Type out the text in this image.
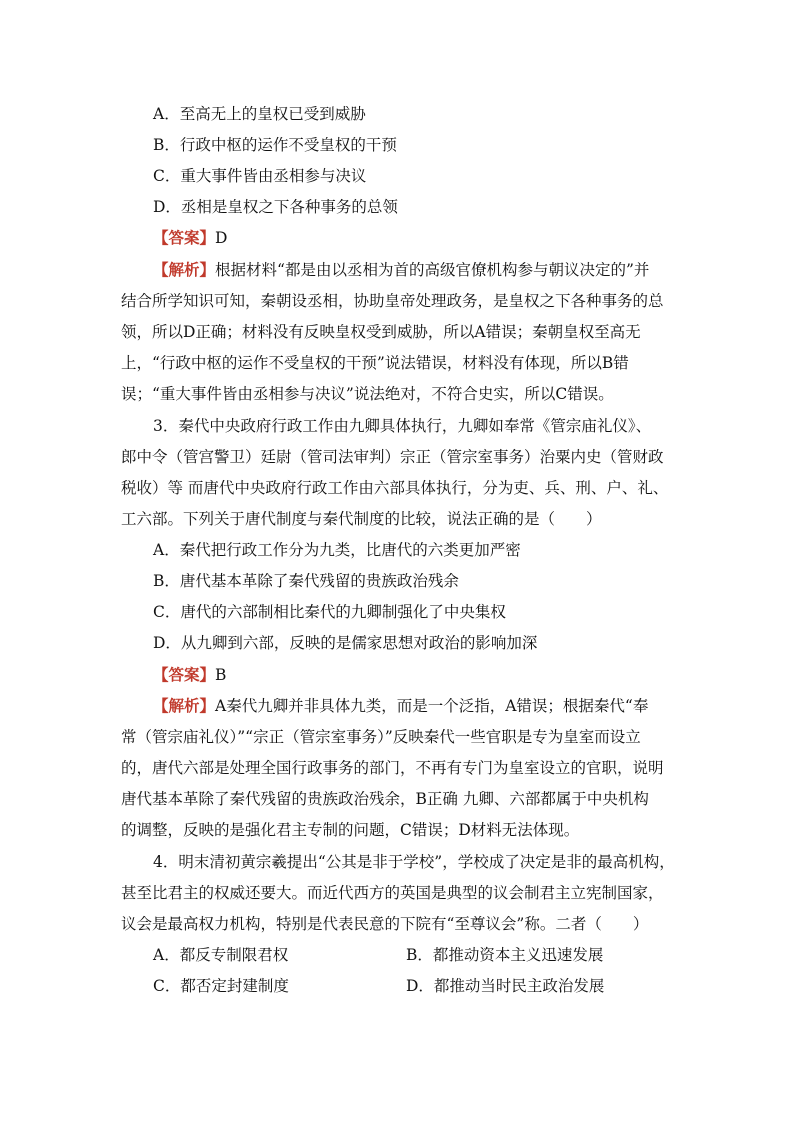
A．至高无上的皇权已受到威胁
B．行政中枢的运作不受皇权的干预
C．重大事件皆由丞相参与决议
D．丞相是皇权之下各种事务的总领
【答案】D
【解析】根据材料“都是由以丞相为首的高级官僚机构参与朝议决定的”并
结合所学知识可知，秦朝设丞相，协助皇帝处理政务，是皇权之下各种事务的总
领，所以D正确；材料没有反映皇权受到威胁，所以A错误；秦朝皇权至高无
上，“行政中枢的运作不受皇权的干预”说法错误，材料没有体现，所以B错
误；“重大事件皆由丞相参与决议”说法绝对，不符合史实，所以C错误。
3．秦代中央政府行政工作由九卿具体执行，九卿如奉常《管宗庙礼仪》、
郎中令（管宫警卫）廷尉（管司法审判）宗正（管宗室事务）治粟内史（管财政
税收）等 而唐代中央政府行政工作由六部具体执行，分为吏、兵、刑、户、礼、
工六部。下列关于唐代制度与秦代制度的比较，说法正确的是（　　）
A．秦代把行政工作分为九类，比唐代的六类更加严密
B．唐代基本革除了秦代残留的贵族政治残余
C．唐代的六部制相比秦代的九卿制强化了中央集权
D．从九卿到六部，反映的是儒家思想对政治的影响加深
【答案】B
【解析】A秦代九卿并非具体九类，而是一个泛指，A错误；根据秦代“奉
常（管宗庙礼仪）”“宗正（管宗室事务）”反映秦代一些官职是专为皇室而设立
的，唐代六部是处理全国行政事务的部门，不再有专门为皇室设立的官职，说明
唐代基本革除了秦代残留的贵族政治残余，B正确 九卿、六部都属于中央机构
的调整，反映的是强化君主专制的问题，C错误；D材料无法体现。
4．明末清初黄宗羲提出“公其是非于学校”，学校成了决定是非的最高机构，
甚至比君主的权威还要大。而近代西方的英国是典型的议会制君主立宪制国家，
议会是最高权力机构，特别是代表民意的下院有“至尊议会”称。二者（　　）
A．都反专制限君权	B．都推动资本主义迅速发展
C．都否定封建制度	D．都推动当时民主政治发展
